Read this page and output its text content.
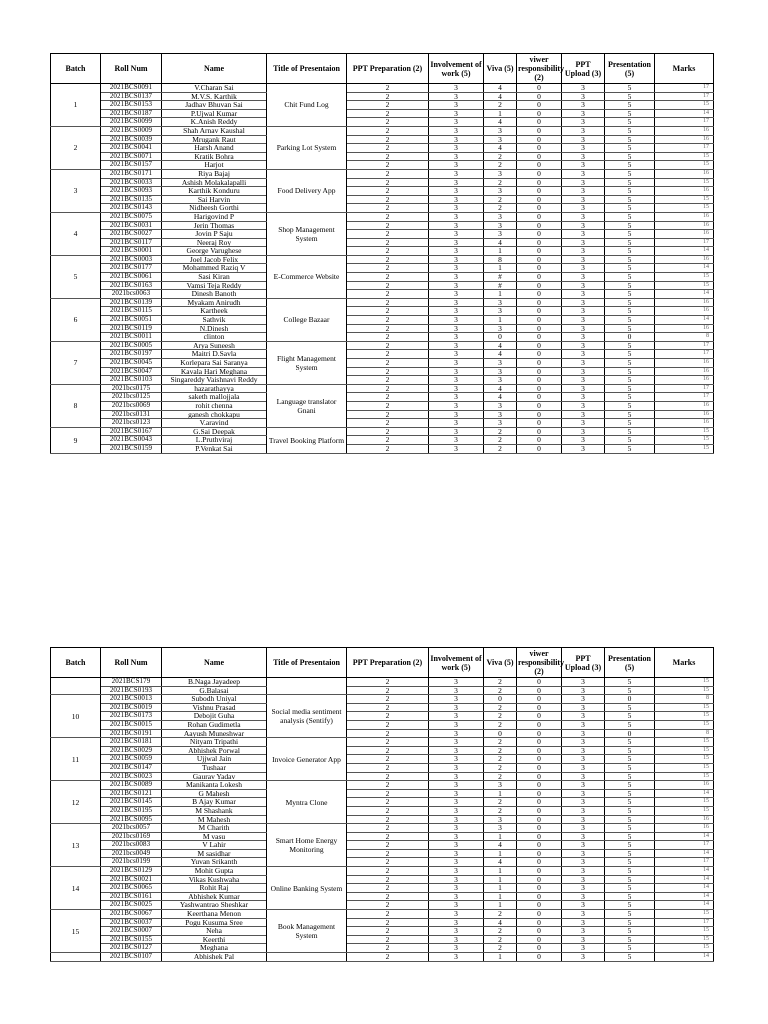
Batch	Roll Num	Name	Title of Presentaion	PPT Preparation (2)	Involvement of work (5)	Viva (5)	viwer responsibility (2)	PPT Upload (3)	Presentation (5)	Marks
1	2021BCS0091	V.Charan Sai	Chit Fund Log	2	3	4	0	3	5	17
	2021BCS0137	M.V.S. Karthik		2	3	4	0	3	5	17
	2021BCS0153	Jadhav Bhuvan Sai		2	3	2	0	3	5	15
	2021BCS0187	P.Ujwal Kumar		2	3	1	0	3	5	14
	2021BCS0099	K.Anish Reddy		2	3	4	0	3	5	17
2	2021BCS0009	Shah Arnav Kaushal	Parking Lot System	2	3	3	0	3	5	16
	2021BCS0039	Mrugank Raut		2	3	3	0	3	5	16
	2021BCS0041	Harsh Anand		2	3	4	0	3	5	17
	2021BCS0071	Kratik Bohra		2	3	2	0	3	5	15
	2021BCS0157	Harjot		2	3	2	0	3	5	15
3	2021BCS0171	Riya Bajaj	Food Delivery App	2	3	3	0	3	5	16
	2021BCS0033	Ashish Molakalapalli		2	3	2	0	3	5	15
	2021BCS0093	Karthik Konduru		2	3	3	0	3	5	16
	2021BCS0135	Sai Harvin		2	3	2	0	3	5	15
	2021BCS0143	Nidheesh Gorthi		2	3	2	0	3	5	15
4	2021BCS0075	Harigovind P	Shop Management System	2	3	3	0	3	5	16
	2021BCS0031	Jerin Thomas		2	3	3	0	3	5	16
	2021BCS0027	Jovin P Saju		2	3	3	0	3	5	16
	2021BCS0117	Neeraj Roy		2	3	4	0	3	5	17
	2021BCS0001	George Varughese		2	3	1	0	3	5	14
5	2021BCS0003	Joel Jacob Felix	E-Commerce Website	2	3	8	0	3	5	16
	2021BCS0177	Mohammed Raziq V		2	3	1	0	3	5	14
	2021BCS0061	Sasi Kiran		2	3	#	0	3	5	15
	2021BCS0163	Vamsi Teja Reddy		2	3	#	0	3	5	15
	2021bcs0063	Dinesh Banoth		2	3	1	0	3	5	14
6	2021BCS0139	Myakam Anirudh	College Bazaar	2	3	3	0	3	5	16
	2021BCS0115	Kartheek		2	3	3	0	3	5	16
	2021BCS0051	Sathvik		2	3	1	0	3	5	14
	2021BCS0119	N.Dinesh		2	3	3	0	3	5	16
	2021BCS0011	clinton		2	3	0	0	3	0	8
7	2021BCS0005	Arya Suneesh	Flight Management System	2	3	4	0	3	5	17
	2021BCS0197	Maitri D.Savla		2	3	4	0	3	5	17
	2021BCS0045	Korlepara Sai Saranya		2	3	3	0	3	5	16
	2021BCS0047	Kavala Hari Meghana		2	3	3	0	3	5	16
	2021BCS0103	Singareddy Vaishnavi Reddy		2	3	3	0	3	5	16
8	2021bcs0175	hazarathayya	Language translator Gnani	2	3	4	0	3	5	17
	2021bcs0125	saketh mallojjala		2	3	4	0	3	5	17
	2021bcs0069	rohit chenna		2	3	3	0	3	5	16
	2021bcs0131	ganesh chokkapu		2	3	3	0	3	5	16
	2021bcs0123	V.aravind		2	3	3	0	3	5	16
9	2021BCS0167	G.Sai Deepak	Travel Booking Platform	2	3	2	0	3	5	15
	2021BCS0043	L.Pruthviraj		2	3	2	0	3	5	15
	2021BCS0159	P.Venkat Sai		2	3	2	0	3	5	15
Batch	Roll Num	Name	Title of Presentaion	PPT Preparation (2)	Involvement of work (5)	Viva (5)	viwer responsibility (2)	PPT Upload (3)	Presentation (5)	Marks
	2021BCS179	B.Naga Jayadeep		2	3	2	0	3	5	15
	2021BCS0193	G.Balasai		2	3	2	0	3	5	15
10	2021BCS0013	Subodh Uniyal	Social media sentiment analysis (Sentify)	2	3	0	0	3	0	8
	2021BCS0019	Vishnu Prasad		2	3	2	0	3	5	15
	2021BCS0173	Debojit Guha		2	3	2	0	3	5	15
	2021BCS0015	Rohan Gudimetla		2	3	2	0	3	5	15
	2021BCS0191	Aayush Muneshwar		2	3	0	0	3	0	8
11	2021BCS0181	Nityam Tripathi	Invoice Generator App	2	3	2	0	3	5	15
	2021BCS0029	Abhishek Porwal		2	3	2	0	3	5	15
	2021BCS0059	Ujjwal Jain		2	3	2	0	3	5	15
	2021BCS0147	Tushaar		2	3	2	0	3	5	15
	2021BCS0023	Gaurav Yadav		2	3	2	0	3	5	15
12	2021BCS0089	Manikanta Lokesh	Myntra Clone	2	3	3	0	3	5	16
	2021BCS0121	G Mahesh		2	3	1	0	3	5	14
	2021BCS0145	B Ajay Kumar		2	3	2	0	3	5	15
	2021BCS0195	M Shashank		2	3	2	0	3	5	15
	2021BCS0095	M Mahesh		2	3	3	0	3	5	16
13	2021bcs0057	M Charith	Smart Home Energy Monitoring	2	3	3	0	3	5	16
	2021bcs0169	M vasu		2	3	1	0	3	5	14
	2021bcs0083	V Lahir		2	3	4	0	3	5	17
	2021bcs0049	M sasidhar		2	3	1	0	3	5	14
	2021bcs0199	Yuvan Srikanth		2	3	4	0	3	5	17
14	2021BCS0129	Mohit Gupta	Online Banking System	2	3	1	0	3	5	14
	2021BCS0021	Vikas Kushwaha		2	3	1	0	3	5	14
	2021BCS0065	Rohit Raj		2	3	1	0	3	5	14
	2021BCS0161	Abhishek Kumar		2	3	1	0	3	5	14
	2021BCS0025	Yashwantrao Sheshkar		2	3	1	0	3	5	14
15	2021BCS0067	Keerthana Menon	Book Management System	2	3	2	0	3	5	15
	2021BCS0037	Pogu Kusuma Sree		2	3	4	0	3	5	17
	2021BCS0007	Neha		2	3	2	0	3	5	15
	2021BCS0155	Keerthi		2	3	2	0	3	5	15
	2021BCS0127	Meghana		2	3	2	0	3	5	15
	2021BCS0107	Abhishek Pal		2	3	1	0	3	5	14
